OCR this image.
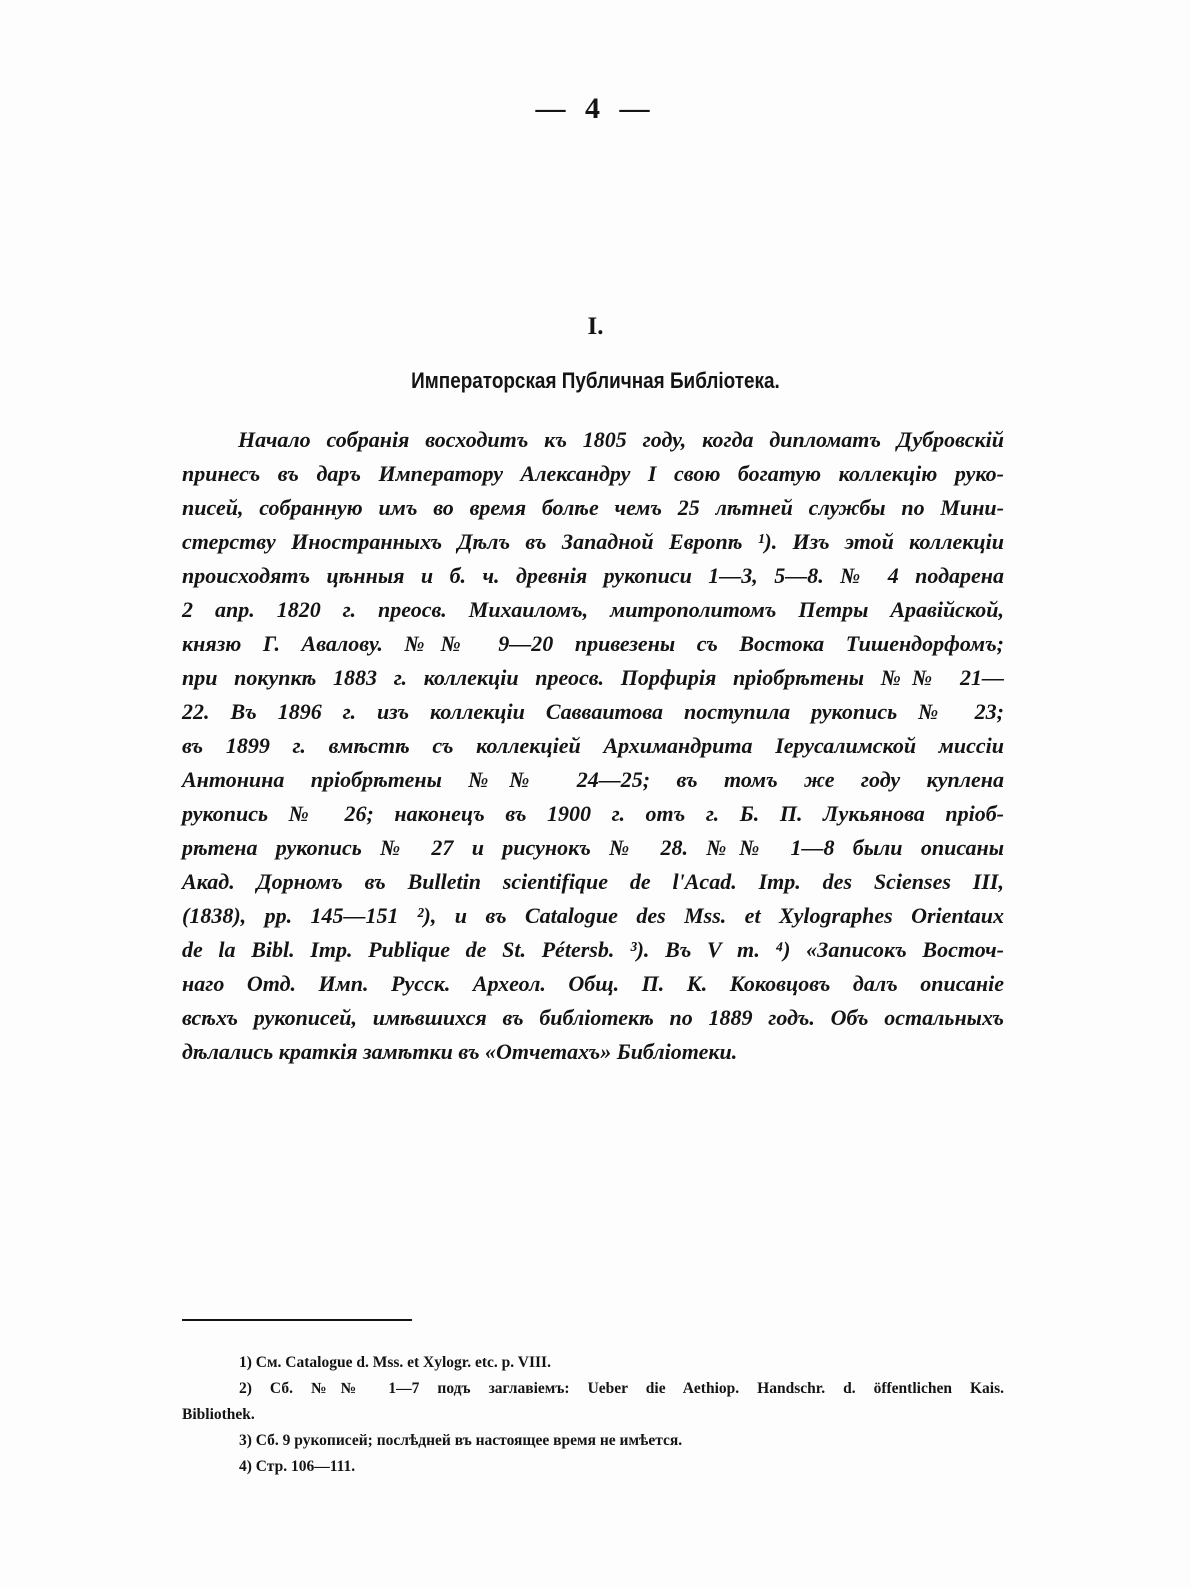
— 4 —
I.
Императорская Публичная Библіотека.
Начало собранія восходитъ къ 1805 году, когда дипломатъ Дубровскій
принесъ въ даръ Императору Александру I свою богатую коллекцію руко-
писей, собранную имъ во время болѣе чемъ 25 лѣтней службы по Мини-
стерству Иностранныхъ Дѣлъ въ Западной Европѣ ¹). Изъ этой коллекціи
происходятъ цѣнныя и б. ч. древнія рукописи 1—3, 5—8. № 4 подарена
2 апр. 1820 г. преосв. Михаиломъ, митрополитомъ Петры Аравійской,
князю Г. Авалову. №№ 9—20 привезены съ Востока Тишендорфомъ;
при покупкѣ 1883 г. коллекціи преосв. Порфирія пріобрѣтены №№ 21—
22. Въ 1896 г. изъ коллекціи Саввaитова поступила рукопись № 23;
въ 1899 г. вмѣстѣ съ коллекціей Архимандрита Іерусалимской миссіи
Антонина пріобрѣтены №№ 24—25; въ томъ же году куплена
рукопись № 26; наконецъ въ 1900 г. отъ г. Б. П. Лукьянова пріоб-
рѣтена рукопись № 27 и рисунокъ № 28. №№ 1—8 были описаны
Акад. Дорномъ въ Bulletin scientifique de l'Acad. Imp. des Scienses III,
(1838), pp. 145—151 ²), и въ Catalogue des Mss. et Xylographes Orientaux
de la Bibl. Imp. Publique de St. Pétersb. ³). Въ V т. ⁴) «Записокъ Восточ-
наго Отд. Имп. Русск. Археол. Общ. П. К. Коковцовъ далъ описаніе
всѣхъ рукописей, имѣвшихся въ библіотекѣ по 1889 годъ. Объ остальныхъ
дѣлались краткія замѣтки въ «Отчетахъ» Библіотеки.
1) См. Catalogue d. Mss. et Xylogr. etc. p. VIII.
2) Сб. №№ 1—7 подъ заглавіемъ: Ueber die Aethiop. Handschr. d. öffentlichen Kais.
Bibliothek.
3) Сб. 9 рукописей; послѣдней въ настоящее время не имѣется.
4) Стр. 106—111.
